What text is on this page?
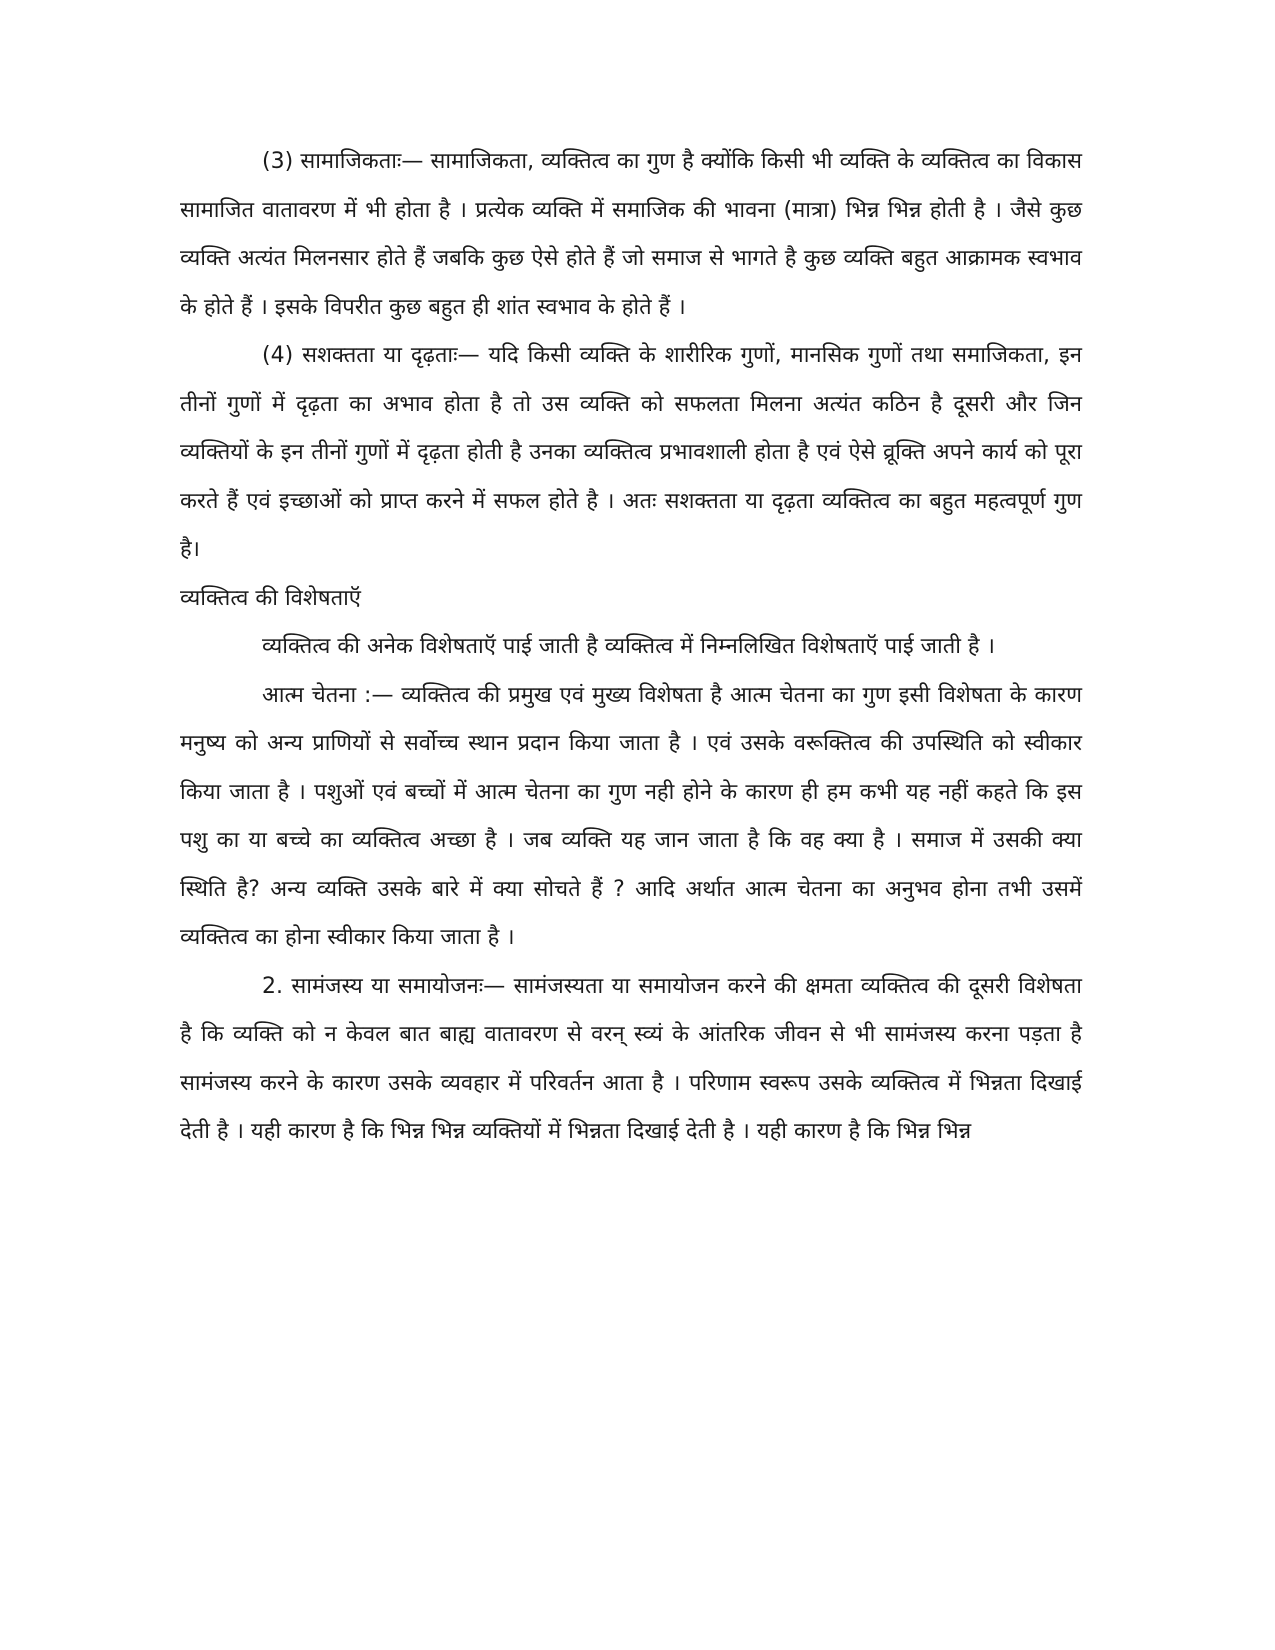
(3) सामाजिकताः— सामाजिकता, व्यक्तित्व का गुण है क्योंकि किसी भी व्यक्ति के व्यक्तित्व का विकास सामाजित वातावरण में भी होता है । प्रत्येक व्यक्ति में समाजिक की भावना (मात्रा) भिन्न भिन्न होती है । जैसे कुछ व्यक्ति अत्यंत मिलनसार होते हैं जबकि कुछ ऐसे होते हैं जो समाज से भागते है कुछ व्यक्ति बहुत आक्रामक स्वभाव के होते हैं । इसके विपरीत कुछ बहुत ही शांत स्वभाव के होते हैं ।

(4) सशक्तता या दृढ़ताः— यदि किसी व्यक्ति के शारीरिक गुणों, मानसिक गुणों तथा समाजिकता, इन तीनों गुणों में दृढ़ता का अभाव होता है तो उस व्यक्ति को सफलता मिलना अत्यंत कठिन है दूसरी और जिन व्यक्तियों के इन तीनों गुणों में दृढ़ता होती है उनका व्यक्तित्व प्रभावशाली होता है एवं ऐसे व्रूक्ति अपने कार्य को पूरा करते हैं एवं इच्छाओं को प्राप्त करने में सफल होते है । अतः सशक्तता या दृढ़ता व्यक्तित्व का बहुत महत्वपूर्ण गुण है।

व्यक्तित्व की विशेषताऍ

व्यक्तित्व की अनेक विशेषताऍ पाई जाती है व्यक्तित्व में निम्नलिखित विशेषताऍ पाई जाती है ।

आत्म चेतना :— व्यक्तित्व की प्रमुख एवं मुख्य विशेषता है आत्म चेतना का गुण इसी विशेषता के कारण मनुष्य को अन्य प्राणियों से सर्वोच्च स्थान प्रदान किया जाता है । एवं उसके वरूक्तित्व की उपस्थिति को स्वीकार किया जाता है । पशुओं एवं बच्चों में आत्म चेतना का गुण नही होने के कारण ही हम कभी यह नहीं कहते कि इस पशु का या बच्चे का व्यक्तित्व अच्छा है । जब व्यक्ति यह जान जाता है कि वह क्या है । समाज में उसकी क्या स्थिति है? अन्य व्यक्ति उसके बारे में क्या सोचते हैं ? आदि अर्थात आत्म चेतना का अनुभव होना तभी उसमें व्यक्तित्व का होना स्वीकार किया जाता है ।

2. सामंजस्य या समायोजनः— सामंजस्यता या समायोजन करने की क्षमता व्यक्तित्व की दूसरी विशेषता है कि व्यक्ति को न केवल बात बाह्य वातावरण से वरन् स्व्यं के आंतरिक जीवन से भी सामंजस्य करना पड़ता है सामंजस्य करने के कारण उसके व्यवहार में परिवर्तन आता है । परिणाम स्वरूप उसके व्यक्तित्व में भिन्नता दिखाई देती है । यही कारण है कि भिन्न भिन्न व्यक्तियों में भिन्नता दिखाई देती है । यही कारण है कि भिन्न भिन्न
